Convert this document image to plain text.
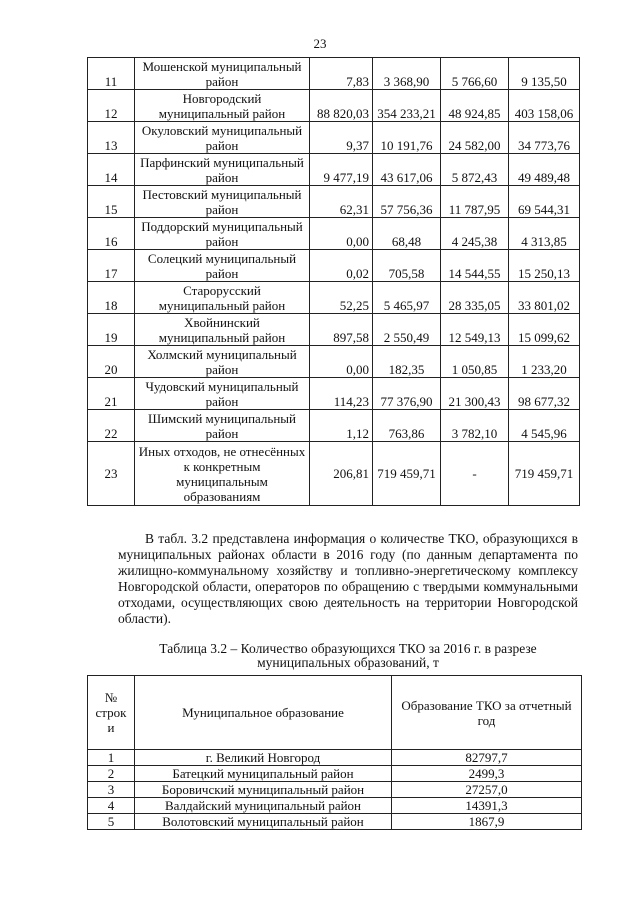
23
11	Мошенской муниципальный район	7,83	3 368,90	5 766,60	9 135,50
12	Новгородский муниципальный район	88 820,03	354 233,21	48 924,85	403 158,06
13	Окуловский муниципальный район	9,37	10 191,76	24 582,00	34 773,76
14	Парфинский муниципальный район	9 477,19	43 617,06	5 872,43	49 489,48
15	Пестовский муниципальный район	62,31	57 756,36	11 787,95	69 544,31
16	Поддорский муниципальный район	0,00	68,48	4 245,38	4 313,85
17	Солецкий муниципальный район	0,02	705,58	14 544,55	15 250,13
18	Старорусский муниципальный район	52,25	5 465,97	28 335,05	33 801,02
19	Хвойнинский муниципальный район	897,58	2 550,49	12 549,13	15 099,62
20	Холмский муниципальный район	0,00	182,35	1 050,85	1 233,20
21	Чудовский муниципальный район	114,23	77 376,90	21 300,43	98 677,32
22	Шимский муниципальный район	1,12	763,86	3 782,10	4 545,96
23	Иных отходов, не отнесённых к конкретным муниципальным образованиям	206,81	719 459,71	-	719 459,71

В табл. 3.2 представлена информация о количестве ТКО, образующихся в муниципальных районах области в 2016 году (по данным департамента по жилищно-коммунальному хозяйству и топливно-энергетическому комплексу Новгородской области, операторов по обращению с твердыми коммунальными отходами, осуществляющих свою деятельность на территории Новгородской области).

Таблица 3.2 – Количество образующихся ТКО за 2016 г. в разрезе
муниципальных образований, т
№ строк и	Муниципальное образование	Образование ТКО за отчетный год
1	г. Великий Новгород	82797,7
2	Батецкий муниципальный район	2499,3
3	Боровичский муниципальный район	27257,0
4	Валдайский муниципальный район	14391,3
5	Волотовский муниципальный район	1867,9
